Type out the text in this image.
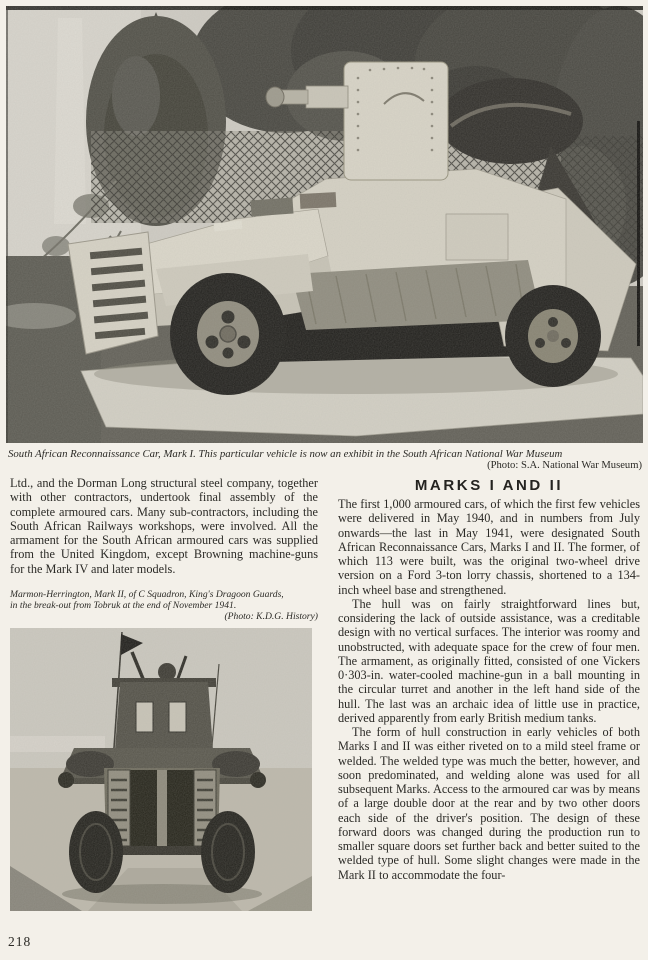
South African Reconnaissance Car, Mark I. This particular vehicle is now an exhibit in the South African National War Museum
(Photo: S.A. National War Museum)

Ltd., and the Dorman Long structural steel company, together with other contractors, undertook final assembly of the complete armoured cars. Many sub-contractors, including the South African Railways workshops, were involved. All the armament for the South African armoured cars was supplied from the United Kingdom, except Browning machine-guns for the Mark IV and later models.

Marmon-Herrington, Mark II, of C Squadron, King's Dragoon Guards,
in the break-out from Tobruk at the end of November 1941.
(Photo: K.D.G. History)
MARKS I AND II

The first 1,000 armoured cars, of which the first few vehicles were delivered in May 1940, and in numbers from July onwards—the last in May 1941, were designated South African Reconnaissance Cars, Marks I and II. The former, of which 113 were built, was the original two-wheel drive version on a Ford 3-ton lorry chassis, shortened to a 134-inch wheel base and strengthened.

The hull was on fairly straightforward lines but, considering the lack of outside assistance, was a creditable design with no vertical surfaces. The interior was roomy and unobstructed, with adequate space for the crew of four men. The armament, as originally fitted, consisted of one Vickers 0·303-in. water-cooled machine-gun in a ball mounting in the circular turret and another in the left hand side of the hull. The last was an archaic idea of little use in practice, derived apparently from early British medium tanks.

The form of hull construction in early vehicles of both Marks I and II was either riveted on to a mild steel frame or welded. The welded type was much the better, however, and soon predominated, and welding alone was used for all subsequent Marks. Access to the armoured car was by means of a large double door at the rear and by two other doors each side of the driver's position. The design of these forward doors was changed during the production run to smaller square doors set further back and better suited to the welded type of hull. Some slight changes were made in the Mark II to accommodate the four-

218
